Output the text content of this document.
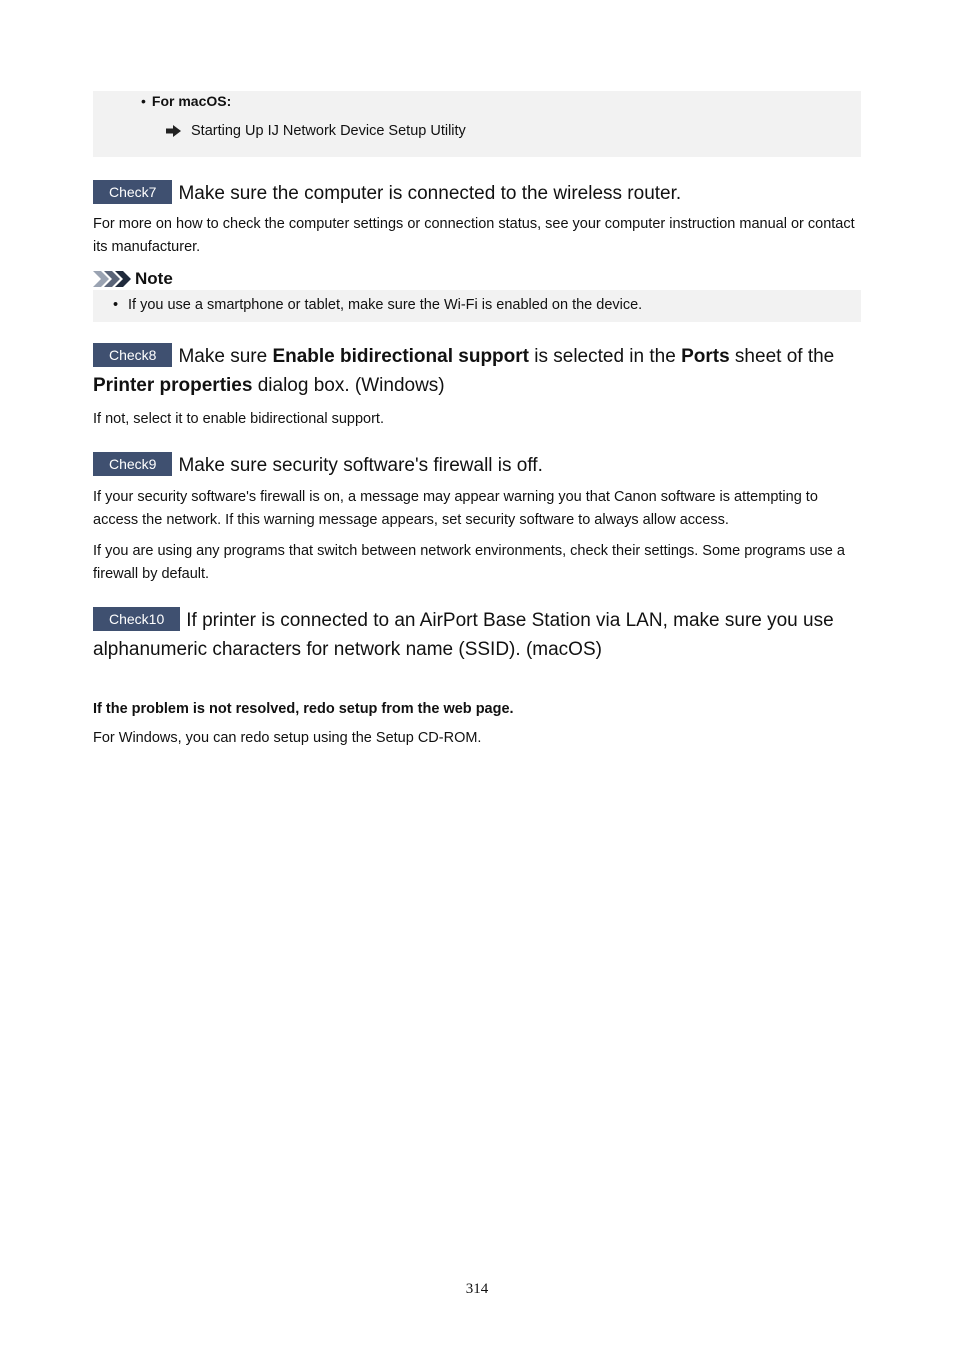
• For macOS:
Starting Up IJ Network Device Setup Utility
Check7	Make sure the computer is connected to the wireless router.

For more on how to check the computer settings or connection status, see your computer instruction manual or contact its manufacturer.

Note
• If you use a smartphone or tablet, make sure the Wi-Fi is enabled on the device.
Check8 Make sure Enable bidirectional support is selected in the Ports sheet of the Printer properties dialog box. (Windows)

If not, select it to enable bidirectional support.

Check9	Make sure security software's firewall is off.

If your security software's firewall is on, a message may appear warning you that Canon software is attempting to access the network. If this warning message appears, set security software to always allow access.

If you are using any programs that switch between network environments, check their settings. Some programs use a firewall by default.

Check10 If printer is connected to an AirPort Base Station via LAN, make sure you use alphanumeric characters for network name (SSID). (macOS)
If the problem is not resolved, redo setup from the web page.

For Windows, you can redo setup using the Setup CD-ROM.

314
